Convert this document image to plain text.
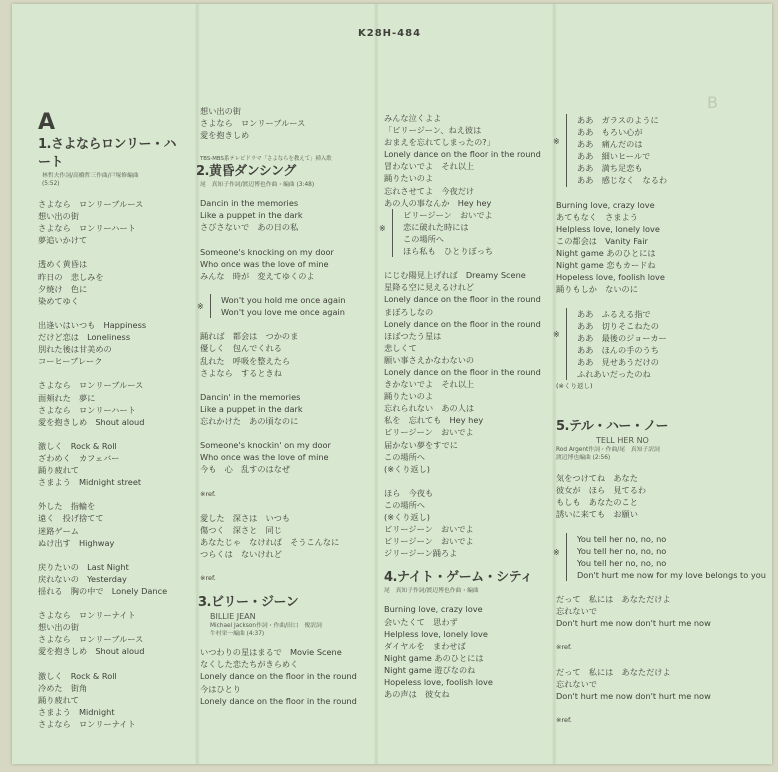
K28H-484
A
B
1.さよならロンリー・ハート
林哲夫作詞/高橋哲三作曲/戸塚修編曲
(5:52)
さよなら　ロンリーブルース
想い出の街
さよなら　ロンリーハート
夢追いかけて
透めく黄昏は
昨日の　悲しみを
夕焼け　色に
染めてゆく
出逢いはいつも　Happiness
だけど恋は　Loneliness
別れた後は甘美めの
コーヒーブレーク
さよなら　ロンリーブルース
面頬れた　夢に
さよなら　ロンリーハート
愛を抱きしめ　Shout aloud
激しく　Rock & Roll
ざわめく　カフェバー
踊り疲れて
さまよう　Midnight street
外した　指輪を
遠く　投げ捨てて
迷路ゲーム
ぬけ出す　Highway
戻りたいの　Last Night
戻れないの　Yesterday
揺れる　胸の中で　Lonely Dance
さよなら　ロンリーナイト
想い出の街
さよなら　ロンリーブルース
愛を抱きしめ　Shout aloud
激しく　Rock & Roll
冷めた　街角
踊り疲れて
さまよう　Midnight
さよなら　ロンリーナイト
想い出の街
さよなら　ロンリーブルース
愛を抱きしめ
TBS-MBS系テレビドラマ「さよならを教えて」挿入歌
2.黄昏ダンシング
尾　真知子作詞/渡辺博也作曲・編曲 (3:48)
Dancin in the memories
Like a puppet in the dark
さびさないで　あの日の私
Someone's knocking on my door
Who once was the love of mine
みんな　時が　変えてゆくのよ
※
Won't you hold me once again
Won't you love me once again
踊れば　都会は　つかのま
優しく　包んでくれる
乱れた　呼吸を整えたら
さよなら　するときね
Dancin' in the memories
Like a puppet in the dark
忘れかけた　あの頃なのに
Someone's knockin' on my door
Who once was the love of mine
今も　心　乱すのはなぜ
※ref.
愛した　深さは　いつも
傷つく　深さと　同じ
あなたじゃ　なければ　そうこんなに
つらくは　ないけれど
※ref.
3.ビリー・ジーン
BILLIE JEAN
Michael Jackson作詞・作曲/田口　俊訳詞
牛村栄一編曲 (4:37)
いつわりの星はまるで　Movie Scene
なくした恋たちがきらめく
Lonely dance on the floor in the round
今はひとり
Lonely dance on the floor in the round
みんな泣くよよ
「ビリージーン、ねえ彼は
おまえを忘れてしまったの?」
Lonely dance on the floor in the round
冒わないでよ　それ以上
踊りたいのよ
忘れさせてよ　今夜だけ
あの人の事なんか　Hey hey
※
ビリージーン　おいでよ
恋に破れた時には
この場所へ
ほら私も　ひとりぼっち
にじむ陽見上げれば　Dreamy Scene
星降る空に見えるけれど
Lonely dance on the floor in the round
まぼろしなの
Lonely dance on the floor in the round
ほばつたう星は
悲しくて
願い事さえかなわないの
Lonely dance on the floor in the round
きかないでよ　それ以上
踊りたいのよ
忘れられない　あの人は
私を　忘れても　Hey hey
ビリージーン　おいでよ
届かない夢をすでに
この場所へ
(※くり返し)
ほら　今夜も
この場所へ
(※くり返し)
ビリージーン　おいでよ
ビリージーン　おいでよ
ジリージーン踊ろよ
4.ナイト・ゲーム・シティ
尾　真知子作詞/渡辺博也作曲・編曲
Burning love, crazy love
会いたくて　思わず
Helpless love, lonely love
ダイヤルを　まわせば
Night game あのひとには
Night game 遊びなのね
Hopeless love, foolish love
あの声は　彼女ね
※
ああ　ガラスのように
ああ　もろい心が
ああ　痛んだのは
ああ　細いヒールで
ああ　満ち足恋も
ああ　感じなく　なるわ
Burning love, crazy love
あてもなく　さまよう
Helpless love, lonely love
この都会は　Vanity Fair
Night game あのひとには
Night game 恋もカードね
Hopeless love, foolish love
踊りもしか　ないのに
※
ああ　ふるえる指で
ああ　切りそこねたの
ああ　最後のジョーカー
ああ　ほんの手のうち
ああ　見せあうだけの
ふれあいだったのね
(※くり返し)
5.テル・ハー・ノー
TELL HER NO
Rod Argent作詞・作曲/尾　真知子訳詞
渡辺博也編曲 (2:56)
気をつけてね　あなた
彼女が　ほら　見てるわ
もしも　あなたのこと
誘いに来ても　お願い
※
You tell her no, no, no
You tell her no, no, no
You tell her no, no, no
Don't hurt me now for my love belongs to you
だって　私には　あなただけよ
忘れないで
Don't hurt me now don't hurt me now
※ref.
だって　私には　あなただけよ
忘れないで
Don't hurt me now don't hurt me now
※ref.
